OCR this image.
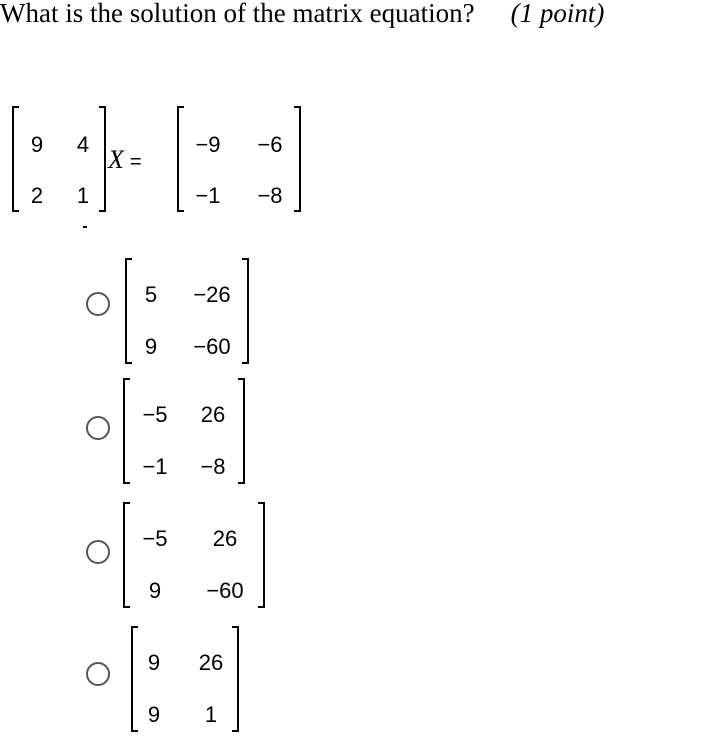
What is the solution of the matrix equation? (1 point)
9 4
2 1
X =
−9	−6
−1	−8
5	−26
9	−60
−5	26
−1	−8
−5	26
9	−60
9 26
9	1
